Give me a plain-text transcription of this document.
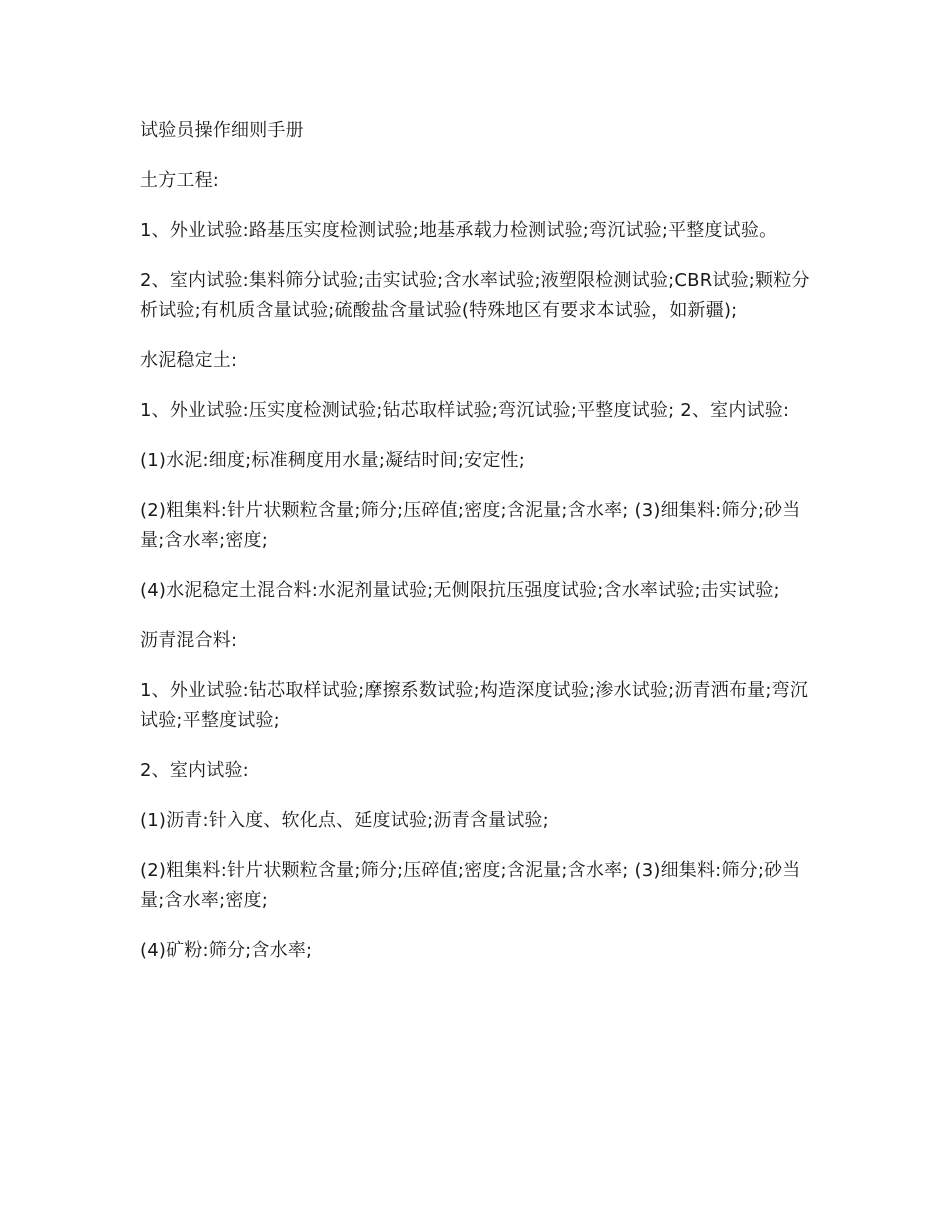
试验员操作细则手册

土方工程:

1、外业试验:路基压实度检测试验;地基承载力检测试验;弯沉试验;平整度试验。

2、室内试验:集料筛分试验;击实试验;含水率试验;液塑限检测试验;CBR试验;颗粒分析试验;有机质含量试验;硫酸盐含量试验(特殊地区有要求本试验，如新疆);

水泥稳定土:

1、外业试验:压实度检测试验;钻芯取样试验;弯沉试验;平整度试验; 2、室内试验:

(1)水泥:细度;标准稠度用水量;凝结时间;安定性;

(2)粗集料:针片状颗粒含量;筛分;压碎值;密度;含泥量;含水率; (3)细集料:筛分;砂当量;含水率;密度;

(4)水泥稳定土混合料:水泥剂量试验;无侧限抗压强度试验;含水率试验;击实试验;

沥青混合料:

1、外业试验:钻芯取样试验;摩擦系数试验;构造深度试验;渗水试验;沥青洒布量;弯沉试验;平整度试验;

2、室内试验:

(1)沥青:针入度、软化点、延度试验;沥青含量试验;

(2)粗集料:针片状颗粒含量;筛分;压碎值;密度;含泥量;含水率; (3)细集料:筛分;砂当量;含水率;密度;

(4)矿粉:筛分;含水率;
